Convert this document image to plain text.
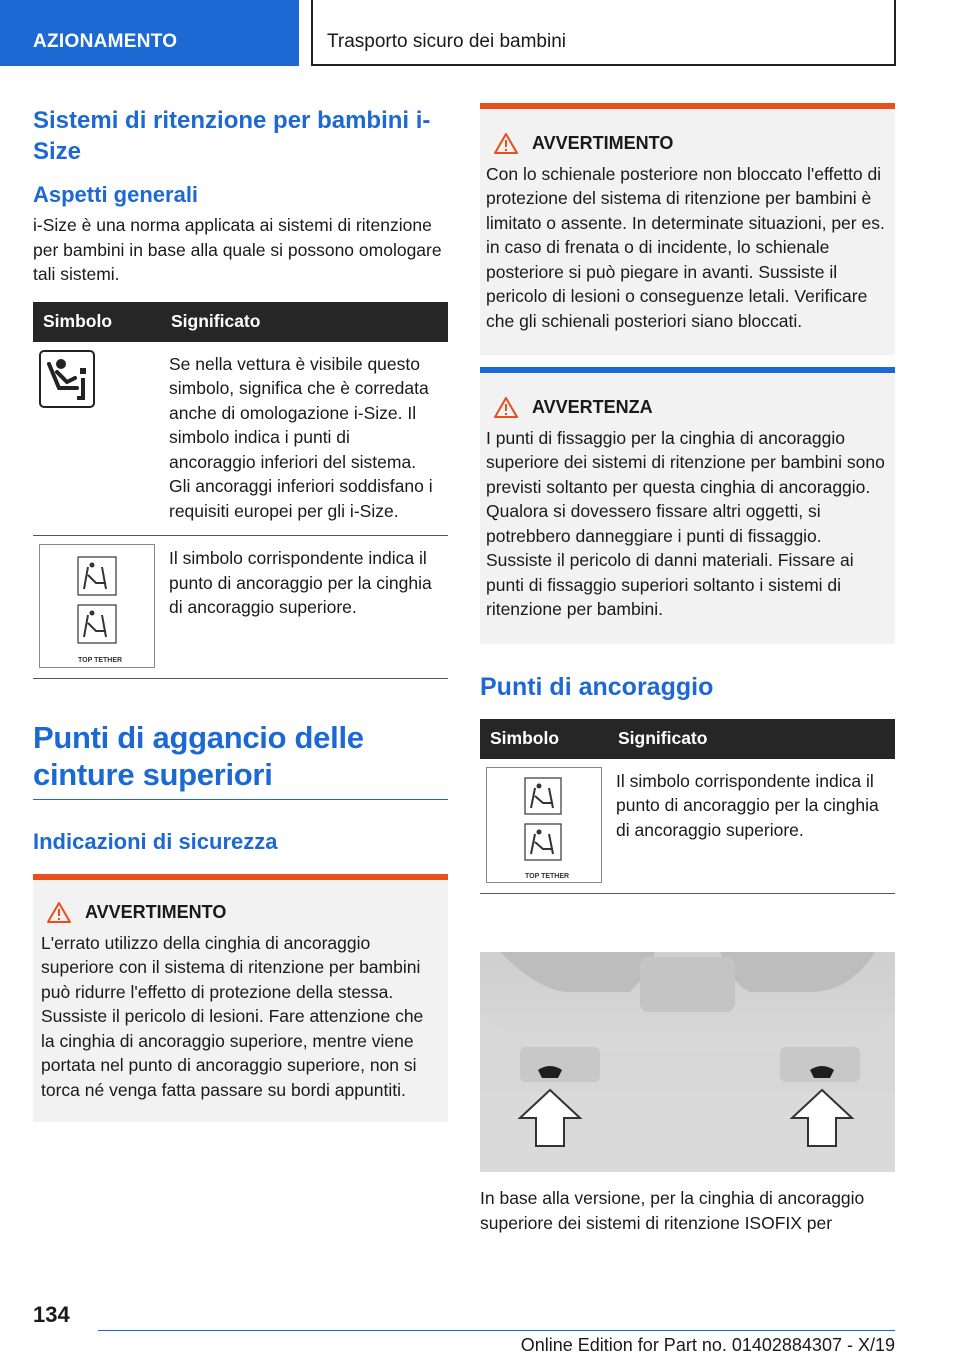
AZIONAMENTO	Trasporto sicuro dei bambini
Sistemi di ritenzione per bambini i-Size
Aspetti generali

i-Size è una norma applicata ai sistemi di ritenzione per bambini in base alla quale si possono omologare tali sistemi.

Simbolo	Significato
	Se nella vettura è visibile questo simbolo, significa che è corredata anche di omologazione i-Size. Il simbolo indica i punti di ancoraggio inferiori del sistema. Gli ancoraggi inferiori soddisfano i requisiti europei per gli i-Size.

TOP TETHER	Il simbolo corrispondente indica il punto di ancoraggio per la cinghia di ancoraggio superiore.
Punti di aggancio delle cinture superiori
Indicazioni di sicurezza
AVVERTIMENTO

L'errato utilizzo della cinghia di ancoraggio superiore con il sistema di ritenzione per bambini può ridurre l'effetto di protezione della stessa. Sussiste il pericolo di lesioni. Fare attenzione che la cinghia di ancoraggio superiore, mentre viene portata nel punto di ancoraggio superiore, non si torca né venga fatta passare su bordi appuntiti.

AVVERTIMENTO

Con lo schienale posteriore non bloccato l'effetto di protezione del sistema di ritenzione per bambini è limitato o assente. In determinate situazioni, per es. in caso di frenata o di incidente, lo schienale posteriore si può piegare in avanti. Sussiste il pericolo di lesioni o conseguenze letali. Verificare che gli schienali posteriori siano bloccati.

AVVERTENZA

I punti di fissaggio per la cinghia di ancoraggio superiore dei sistemi di ritenzione per bambini sono previsti soltanto per questa cinghia di ancoraggio. Qualora si dovessero fissare altri oggetti, si potrebbero danneggiare i punti di fissaggio. Sussiste il pericolo di danni materiali. Fissare ai punti di fissaggio superiori soltanto i sistemi di ritenzione per bambini.

Punti di ancoraggio
Simbolo	Significato

TOP TETHER	Il simbolo corrispondente indica il punto di ancoraggio per la cinghia di ancoraggio superiore.

In base alla versione, per la cinghia di ancoraggio superiore dei sistemi di ritenzione ISOFIX per

134
Online Edition for Part no. 01402884307 - X/19
